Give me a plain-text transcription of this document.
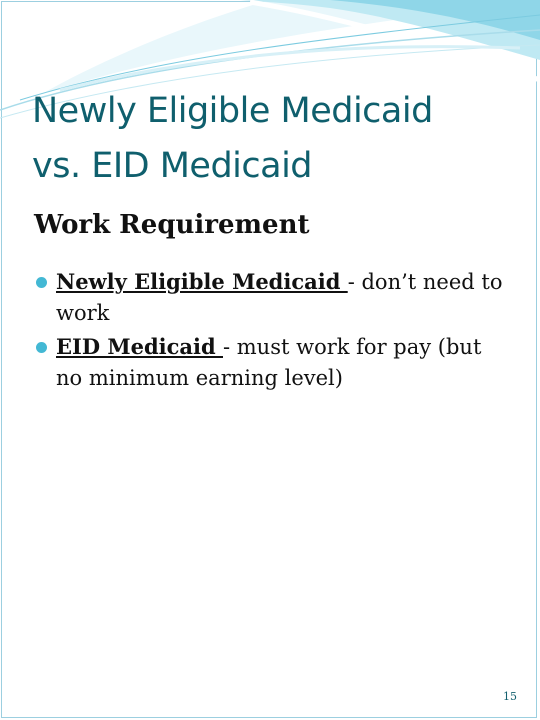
Newly Eligible Medicaid
vs. EID Medicaid
Work Requirement
Newly Eligible Medicaid - don’t need to work
EID Medicaid - must work for pay (but no minimum earning level)
15
